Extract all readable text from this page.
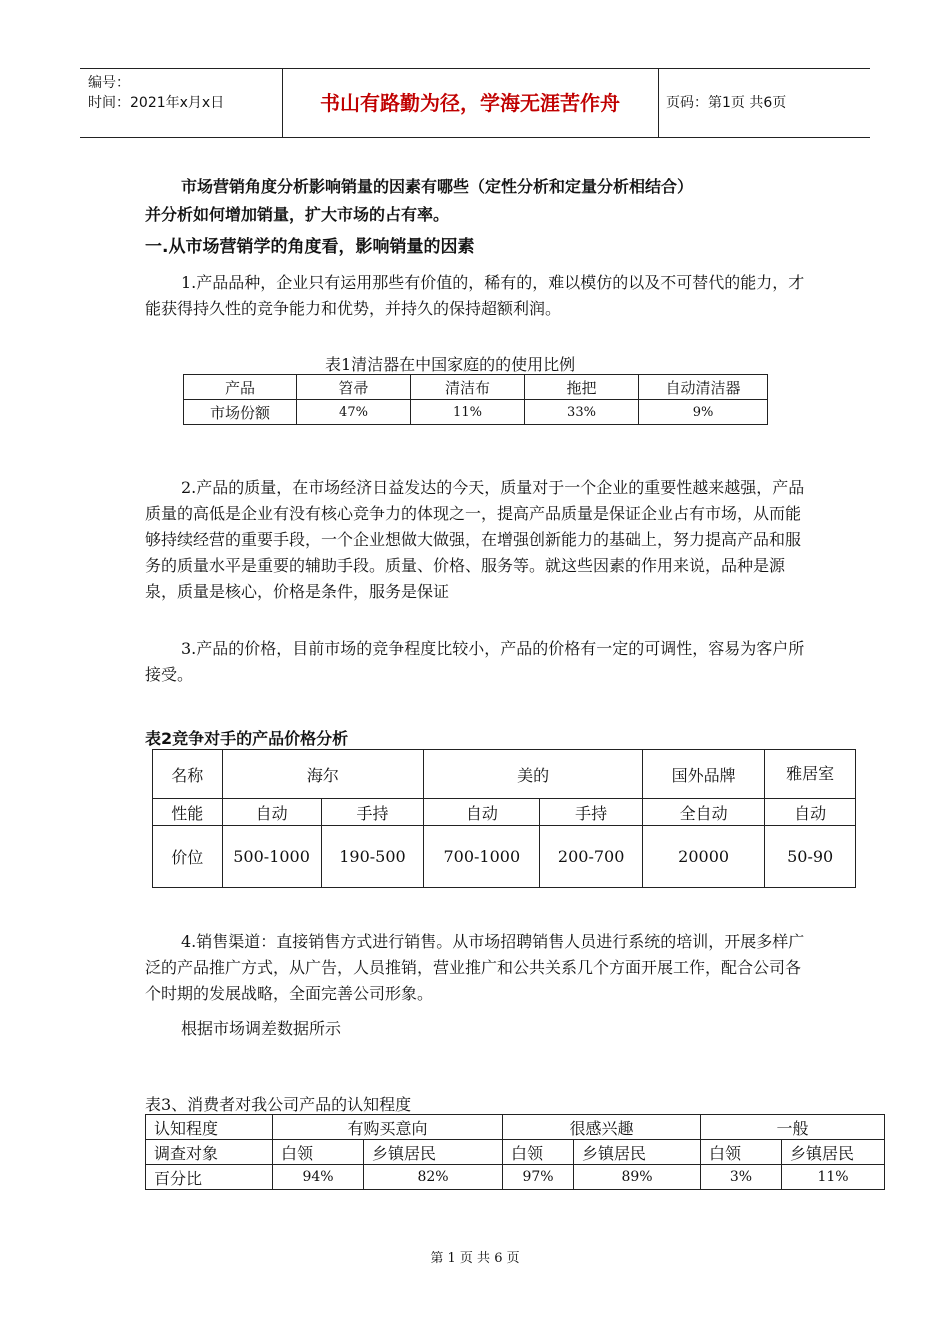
编号：
时间：2021年x月x日	书山有路勤为径，学海无涯苦作舟	页码：第1页 共6页
市场营销角度分析影响销量的因素有哪些（定性分析和定量分析相结合）
并分析如何增加销量，扩大市场的占有率。
一.从市场营销学的角度看，影响销量的因素
1.产品品种，企业只有运用那些有价值的，稀有的，难以模仿的以及不可替代的能力，才能获得持久性的竞争能力和优势，并持久的保持超额利润。
表1清洁器在中国家庭的的使用比例
产品	笤帚	清洁布	拖把	自动清洁器
市场份额	47%	11%	33%	9%
2.产品的质量，在市场经济日益发达的今天，质量对于一个企业的重要性越来越强，产品质量的高低是企业有没有核心竞争力的体现之一，提高产品质量是保证企业占有市场，从而能够持续经营的重要手段，一个企业想做大做强，在增强创新能力的基础上，努力提高产品和服务的质量水平是重要的辅助手段。质量、价格、服务等。就这些因素的作用来说，品种是源泉，质量是核心，价格是条件，服务是保证
3.产品的价格，目前市场的竞争程度比较小，产品的价格有一定的可调性，容易为客户所接受。
表2竞争对手的产品价格分析
名称	海尔		美的		国外品牌	雅居室
性能	自动	手持	自动	手持	全自动	自动
价位	500-1000	190-500	700-1000	200-700	20000	50-90
4.销售渠道：直接销售方式进行销售。从市场招聘销售人员进行系统的培训，开展多样广泛的产品推广方式，从广告，人员推销，营业推广和公共关系几个方面开展工作，配合公司各个时期的发展战略，全面完善公司形象。
根据市场调差数据所示
表3、消费者对我公司产品的认知程度
认知程度	有购买意向		很感兴趣		一般	
调查对象	白领	乡镇居民	白领	乡镇居民	白领	乡镇居民
百分比	94%	82%	97%	89%	3%	11%
第 1 页 共 6 页
